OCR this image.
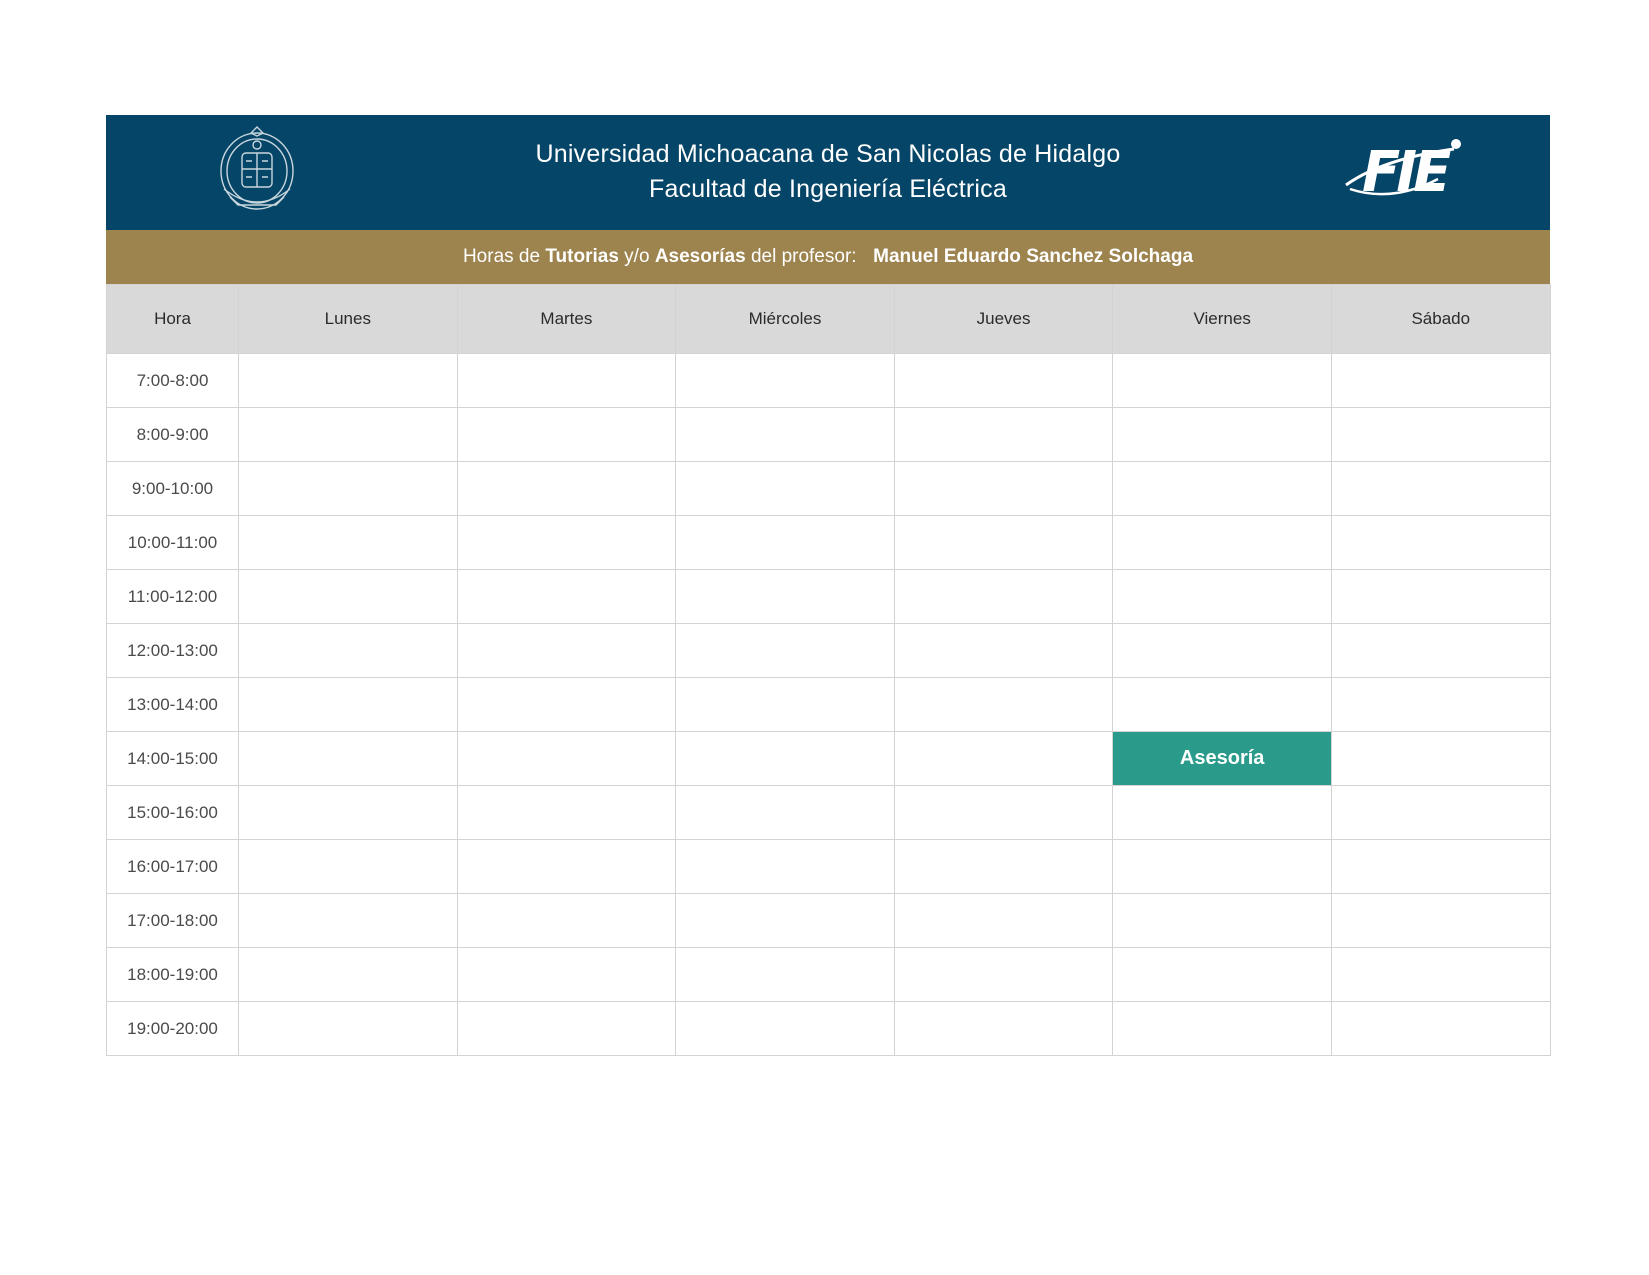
Universidad Michoacana de San Nicolas de Hidalgo
Facultad de Ingeniería Eléctrica	FIE
Horas de Tutorias y/o Asesorías del profesor: Manuel Eduardo Sanchez Solchaga
Hora	Lunes	Martes	Miércoles	Jueves	Viernes	Sábado
7:00-8:00						
8:00-9:00						
9:00-10:00						
10:00-11:00						
11:00-12:00						
12:00-13:00						
13:00-14:00						
14:00-15:00					Asesoría	
15:00-16:00						
16:00-17:00						
17:00-18:00						
18:00-19:00						
19:00-20:00						
